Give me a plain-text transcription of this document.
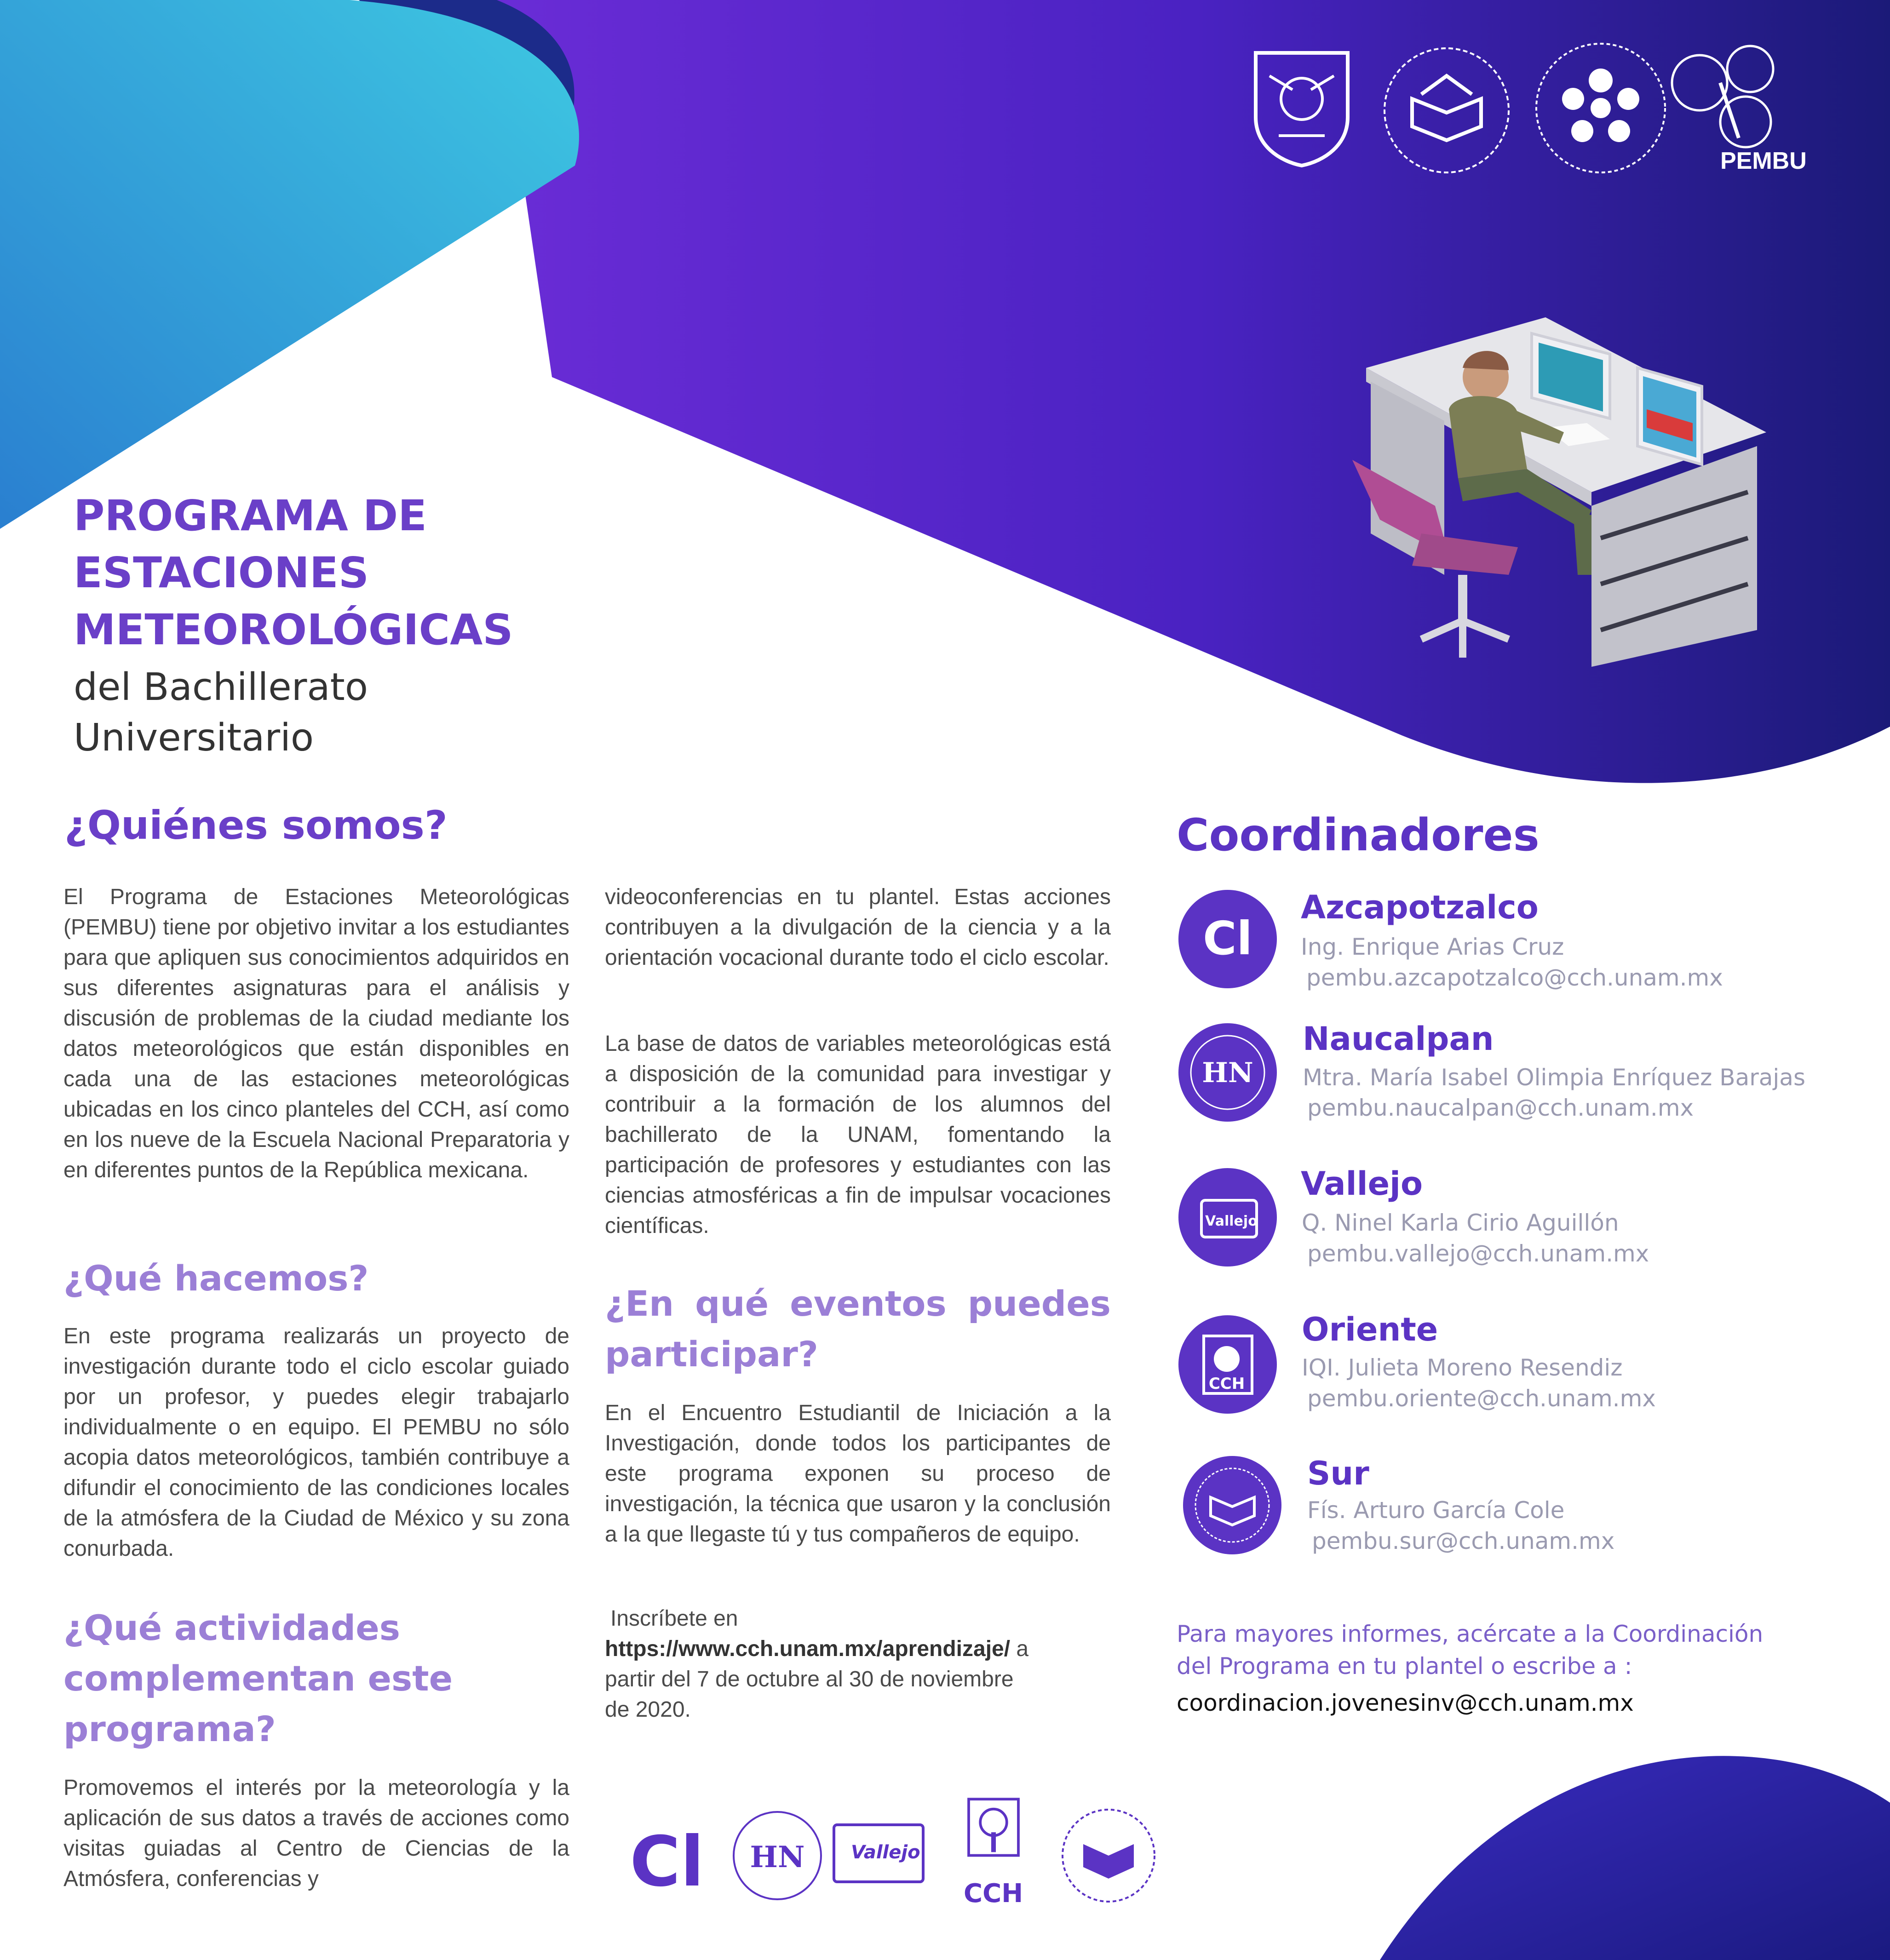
PEMBU
PROGRAMA DE
ESTACIONES
METEOROLÓGICAS
del Bachillerato
Universitario
¿Quiénes somos?
El Programa de Estaciones Meteorológicas (PEMBU) tiene por objetivo invitar a los estudiantes para que apliquen sus conocimientos adquiridos en sus diferentes asignaturas para el análisis y discusión de problemas de la ciudad mediante los datos meteorológicos que están disponibles en cada una de las estaciones meteorológicas ubicadas en los cinco planteles del CCH, así como en los nueve de la Escuela Nacional Preparatoria y en diferentes puntos de la República mexicana.
¿Qué hacemos?
En este programa realizarás un proyecto de investigación durante todo el ciclo escolar guiado por un profesor, y puedes elegir trabajarlo individualmente o en equipo. El PEMBU no sólo acopia datos meteorológicos, también contribuye a difundir el conocimiento de las condiciones locales de la atmósfera de la Ciudad de México y su zona conurbada.
¿Qué actividades
complementan este
programa?
Promovemos el interés por la meteorología y la aplicación de sus datos a través de acciones como visitas guiadas al Centro de Ciencias de la Atmósfera, conferencias y
videoconferencias en tu plantel. Estas acciones contribuyen a la divulgación de la ciencia y a la orientación vocacional durante todo el ciclo escolar.
La base de datos de variables meteorológicas está a disposición de la comunidad para investigar y contribuir a la formación de los alumnos del bachillerato de la UNAM, fomentando la participación de profesores y estudiantes con las ciencias atmosféricas a fin de impulsar vocaciones científicas.
¿En qué eventos puedes
participar?
En el Encuentro Estudiantil de Iniciación a la Investigación, donde todos los participantes de este programa exponen su proceso de investigación, la técnica que usaron y la conclusión a la que llegaste tú y tus compañeros de equipo.
Inscríbete en
https://www.cch.unam.mx/aprendizaje/ a
partir del 7 de octubre al 30 de noviembre
de 2020.
Coordinadores
Cl
Azcapotzalco
Ing. Enrique Arias Cruz
pembu.azcapotzalco@cch.unam.mx
HN
Naucalpan
Mtra. María Isabel Olimpia Enríquez Barajas
pembu.naucalpan@cch.unam.mx
Vallejo
Vallejo
Q. Ninel Karla Cirio Aguillón
pembu.vallejo@cch.unam.mx
CCH
Oriente
IQI. Julieta Moreno Resendiz
pembu.oriente@cch.unam.mx
Sur
Fís. Arturo García Cole
pembu.sur@cch.unam.mx
Para mayores informes, acércate a la Coordinación
del Programa en tu plantel o escribe a :
coordinacion.jovenesinv@cch.unam.mx
Cl HN	Vallejo
CCH
